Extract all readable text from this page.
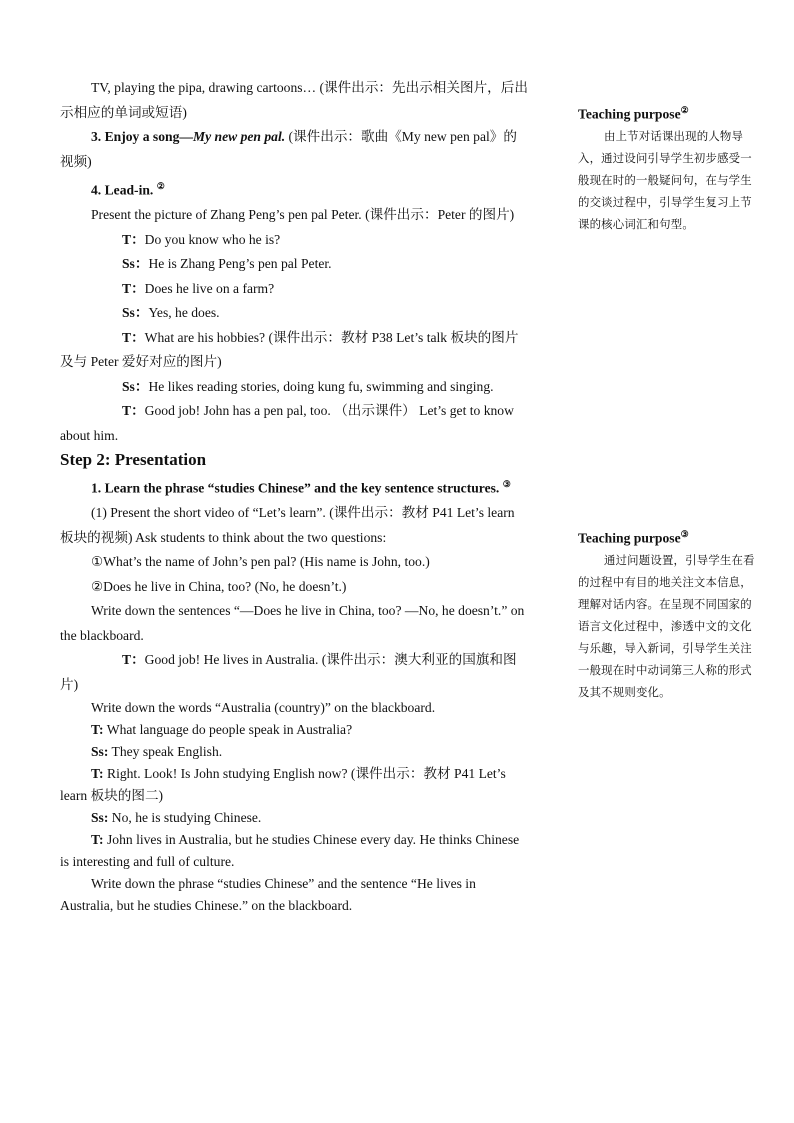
TV, playing the pipa, drawing cartoons… (课件出示：先出示相关图片，后出示相应的单词或短语)

3. Enjoy a song—My new pen pal. (课件出示：歌曲《My new pen pal》的视频)

4. Lead-in. ②

Present the picture of Zhang Peng’s pen pal Peter. (课件出示：Peter 的图片)

T：Do you know who he is?

Ss：He is Zhang Peng’s pen pal Peter.

T：Does he live on a farm?

Ss：Yes, he does.

T：What are his hobbies? (课件出示：教材 P38 Let’s talk 板块的图片及与 Peter 爱好对应的图片)

Ss：He likes reading stories, doing kung fu, swimming and singing.

T：Good job! John has a pen pal, too. （出示课件） Let’s get to know about him.

Step 2: Presentation

1. Learn the phrase “studies Chinese” and the key sentence structures. ③

(1) Present the short video of “Let’s learn”. (课件出示：教材 P41 Let’s learn 板块的视频) Ask students to think about the two questions:

①What’s the name of John’s pen pal? (His name is John, too.)

②Does he live in China, too? (No, he doesn’t.)

Write down the sentences “—Does he live in China, too? —No, he doesn’t.” on the blackboard.

T：Good job! He lives in Australia. (课件出示：澳大利亚的国旗和图片)

Write down the words “Australia (country)” on the blackboard.

T: What language do people speak in Australia?

Ss: They speak English.

T: Right. Look! Is John studying English now? (课件出示：教材 P41 Let’s learn 板块的图二)

Ss: No, he is studying Chinese.

T: John lives in Australia, but he studies Chinese every day. He thinks Chinese is interesting and full of culture.

Write down the phrase “studies Chinese” and the sentence “He lives in Australia, but he studies Chinese.” on the blackboard.

Teaching purpose②

由上节对话课出现的人物导入，通过设问引导学生初步感受一般现在时的一般疑问句，在与学生的交谈过程中，引导学生复习上节课的核心词汇和句型。

Teaching purpose③

通过问题设置，引导学生在看的过程中有目的地关注文本信息，理解对话内容。在呈现不同国家的语言文化过程中，渗透中文的文化与乐趣，导入新词，引导学生关注一般现在时中动词第三人称的形式及其不规则变化。
